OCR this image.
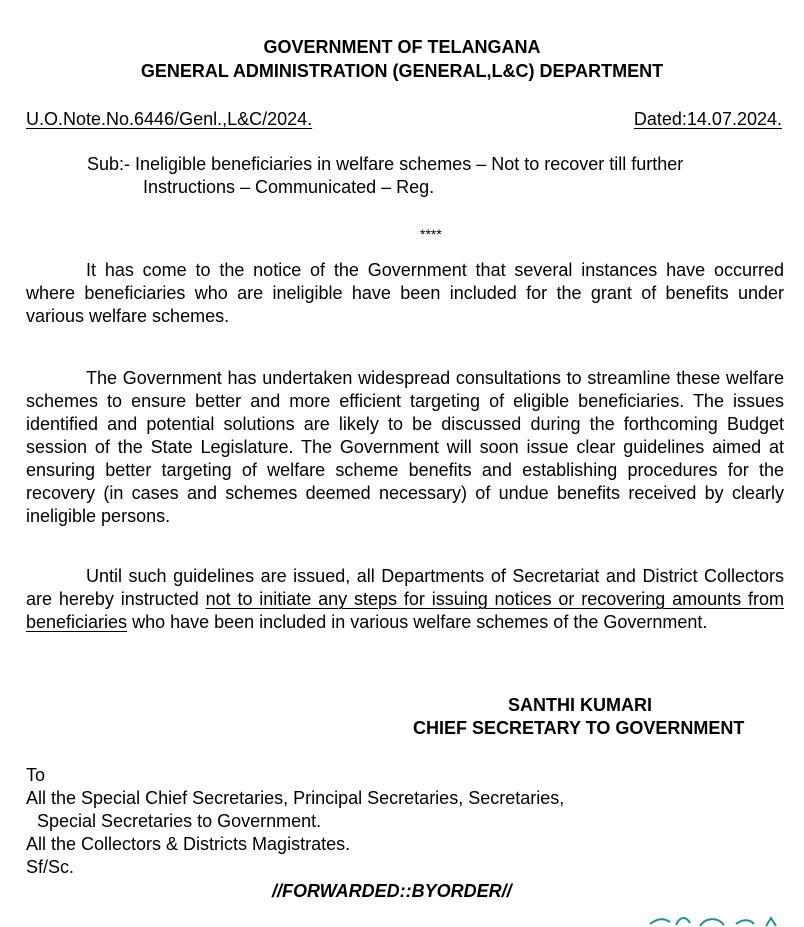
GOVERNMENT OF TELANGANA
GENERAL ADMINISTRATION (GENERAL,L&C) DEPARTMENT
U.O.Note.No.6446/Genl.,L&C/2024.	Dated:14.07.2024.
Sub:- Ineligible beneficiaries in welfare schemes – Not to recover till further
Instructions – Communicated – Reg.
****
It has come to the notice of the Government that several instances have occurred where beneficiaries who are ineligible have been included for the grant of benefits under various welfare schemes.
The Government has undertaken widespread consultations to streamline these welfare schemes to ensure better and more efficient targeting of eligible beneficiaries. The issues identified and potential solutions are likely to be discussed during the forthcoming Budget session of the State Legislature. The Government will soon issue clear guidelines aimed at ensuring better targeting of welfare scheme benefits and establishing procedures for the recovery (in cases and schemes deemed necessary) of undue benefits received by clearly ineligible persons.
Until such guidelines are issued, all Departments of Secretariat and District Collectors are hereby instructed not to initiate any steps for issuing notices or recovering amounts from beneficiaries who have been included in various welfare schemes of the Government.
SANTHI KUMARI
CHIEF SECRETARY TO GOVERNMENT
To
All the Special Chief Secretaries, Principal Secretaries, Secretaries,
Special Secretaries to Government.
All the Collectors & Districts Magistrates.
Sf/Sc.
//FORWARDED::BYORDER//
